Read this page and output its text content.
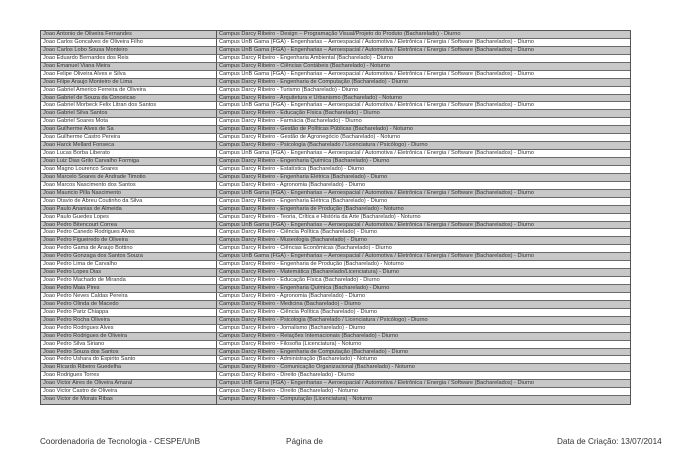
Joao Antonio de Oliveira Fernandes	Campus Darcy Ribeiro - Design – Programação Visual/Projeto do Produto (Bacharelado) - Diurno
Joao Carlos Goncalves de Oliveira Filho	Campus UnB Gama (FGA) - Engenharias – Aeroespacial / Automotiva / Eletrônica / Energia / Software (Bacharelados) - Diurno
Joao Carlos Lobo Sousa Monteiro	Campus UnB Gama (FGA) - Engenharias – Aeroespacial / Automotiva / Eletrônica / Energia / Software (Bacharelados) - Diurno
Joao Eduardo Bernardes dos Reis	Campus Darcy Ribeiro - Engenharia Ambiental (Bacharelado) - Diurno
Joao Emanuel Viana Meira	Campus Darcy Ribeiro - Ciências Contábeis (Bacharelado) - Noturno
Joao Felipe Oliveira Alves e Silva	Campus UnB Gama (FGA) - Engenharias – Aeroespacial / Automotiva / Eletrônica / Energia / Software (Bacharelados) - Diurno
Joao Filipe Araujo Monteiro de Lima	Campus Darcy Ribeiro - Engenharia de Computação (Bacharelado) - Diurno
Joao Gabriel Americo Ferreira de Oliveira	Campus Darcy Ribeiro - Turismo (Bacharelado) - Diurno
Joao Gabriel de Souza da Conceicao	Campus Darcy Ribeiro - Arquitetura e Urbanismo (Bacharelado) - Noturno
Joao Gabriel Morbeck Felix Litran dos Santos	Campus UnB Gama (FGA) - Engenharias – Aeroespacial / Automotiva / Eletrônica / Energia / Software (Bacharelados) - Diurno
Joao Gabriel Silva Santos	Campus Darcy Ribeiro - Educação Física (Bacharelado) - Diurno
Joao Gabriel Soares Mota	Campus Darcy Ribeiro - Farmácia (Bacharelado) - Diurno
Joao Guilherme Alves de Sa	Campus Darcy Ribeiro - Gestão de Políticas Públicas (Bacharelado) - Noturno
Joao Guilherme Castro Pereira	Campus Darcy Ribeiro - Gestão de Agronegócio (Bacharelado) - Noturno
Joao Harck Mellard Fonseca	Campus Darcy Ribeiro - Psicologia (Bacharelado / Licenciatura / Psicólogo) - Diurno
Joao Lucas Borba Liberato	Campus UnB Gama (FGA) - Engenharias – Aeroespacial / Automotiva / Eletrônica / Energia / Software (Bacharelados) - Diurno
Joao Luiz Dias Grilo Carvalho Formiga	Campus Darcy Ribeiro - Engenharia Química (Bacharelado) - Diurno
Joao Magno Lourenco Soares	Campus Darcy Ribeiro - Estatística (Bacharelado) - Diurno
Joao Marcelo Soares de Andrade Timotio	Campus Darcy Ribeiro - Engenharia Elétrica (Bacharelado) - Diurno
Joao Marcos Nascimento dos Santos	Campus Darcy Ribeiro - Agronomia (Bacharelado) - Diurno
Joao Mauricio Pilla Nascimento	Campus UnB Gama (FGA) - Engenharias – Aeroespacial / Automotiva / Eletrônica / Energia / Software (Bacharelados) - Diurno
Joao Otavio de Abreu Coutinho da Silva	Campus Darcy Ribeiro - Engenharia Elétrica (Bacharelado) - Diurno
Joao Paulo Ananias de Almeida	Campus Darcy Ribeiro - Engenharia de Produção (Bacharelado) - Noturno
Joao Paulo Guedes Lopes	Campus Darcy Ribeiro - Teoria, Crítica e História da Arte (Bacharelado) - Noturno
Joao Pedro Bitencourt Correa	Campus UnB Gama (FGA) - Engenharias – Aeroespacial / Automotiva / Eletrônica / Energia / Software (Bacharelados) - Diurno
Joao Pedro Canedo Rodrigues Alves	Campus Darcy Ribeiro - Ciência Política (Bacharelado) - Diurno
Joao Pedro Figueiredo de Oliveira	Campus Darcy Ribeiro - Museologia (Bacharelado) - Diurno
Joao Pedro Gama de Araujo Bottino	Campus Darcy Ribeiro - Ciências Econômicas (Bacharelado) - Diurno
Joao Pedro Gonzaga dos Santos Souza	Campus UnB Gama (FGA) - Engenharias – Aeroespacial / Automotiva / Eletrônica / Energia / Software (Bacharelados) - Diurno
Joao Pedro Lima de Carvalho	Campus Darcy Ribeiro - Engenharia de Produção (Bacharelado) - Noturno
Joao Pedro Lopes Dias	Campus Darcy Ribeiro - Matemática (Bacharelado/Licenciatura) - Diurno
Joao Pedro Machado de Miranda	Campus Darcy Ribeiro - Educação Física (Bacharelado) - Diurno
Joao Pedro Maia Pires	Campus Darcy Ribeiro - Engenharia Química (Bacharelado) - Diurno
Joao Pedro Neves Caldas Pereira	Campus Darcy Ribeiro - Agronomia (Bacharelado) - Diurno
Joao Pedro Olinda de Macedo	Campus Darcy Ribeiro - Medicina (Bacharelado) - Diurno
Joao Pedro Pariz Chiappa	Campus Darcy Ribeiro - Ciência Política (Bacharelado) - Diurno
Joao Pedro Rocha Oliveira	Campus Darcy Ribeiro - Psicologia (Bacharelado / Licenciatura / Psicólogo) - Diurno
Joao Pedro Rodrigues Alves	Campus Darcy Ribeiro - Jornalismo (Bacharelado) - Diurno
Joao Pedro Rodrigues de Oliveira	Campus Darcy Ribeiro - Relações Internacionais (Bacharelado) - Diurno
Joao Pedro Silva Siriano	Campus Darcy Ribeiro - Filosofia (Licenciatura) - Noturno
Joao Pedro Souza dos Santos	Campus Darcy Ribeiro - Engenharia de Computação (Bacharelado) - Diurno
Joao Pedro Ushara do Espirito Santo	Campus Darcy Ribeiro - Administração (Bacharelado) - Noturno
Joao Ricardo Ribeiro Guedelha	Campus Darcy Ribeiro - Comunicação Organizacional (Bacharelado) - Noturno
Joao Rodrigues Torres	Campus Darcy Ribeiro - Direito (Bacharelado) - Diurno
Joao Victor Aires de Oliveira Amaral	Campus UnB Gama (FGA) - Engenharias – Aeroespacial / Automotiva / Eletrônica / Energia / Software (Bacharelados) - Diurno
Joao Victor Castro de Oliveira	Campus Darcy Ribeiro - Direito (Bacharelado) - Noturno
Joao Victor de Morais Ribas	Campus Darcy Ribeiro - Computação (Licenciatura) - Noturno
Coordenadoria de Tecnologia - CESPE/UnB	Página de	Data de Criação: 13/07/2014
